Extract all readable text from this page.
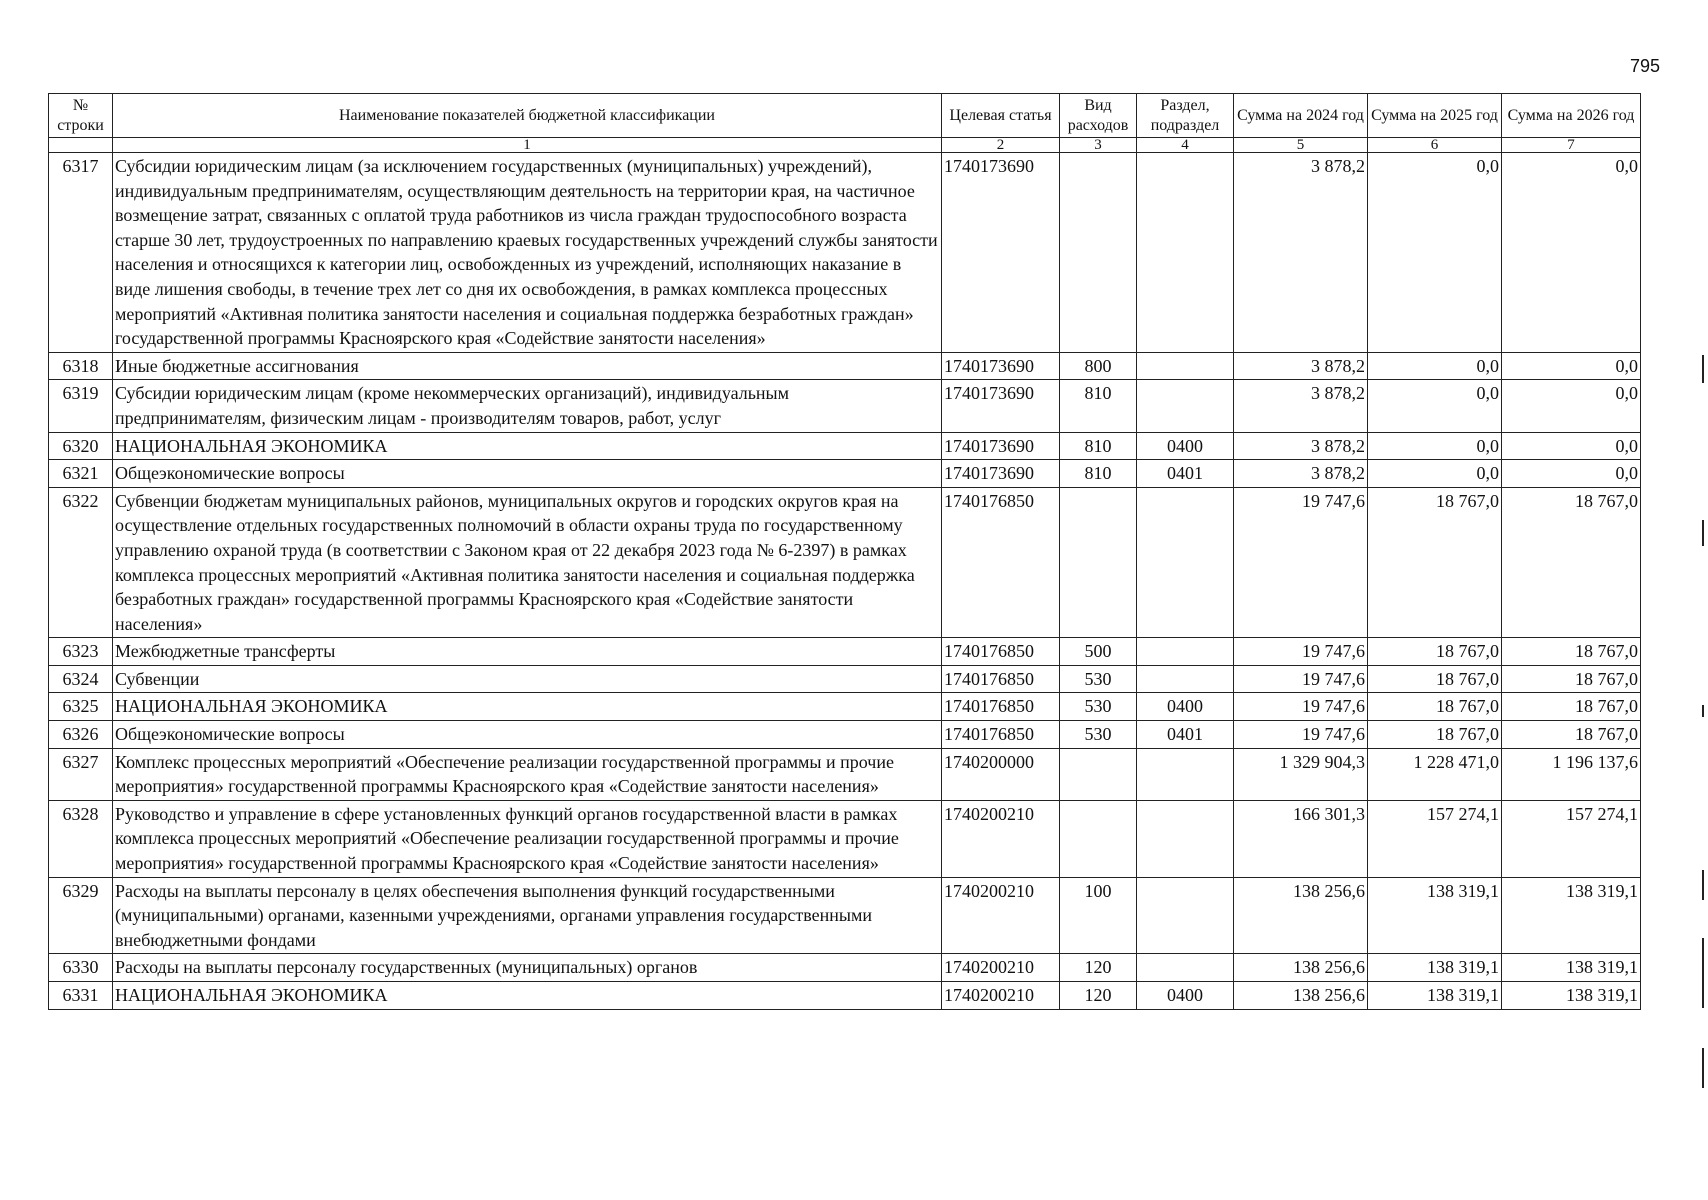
795
№ строки	Наименование показателей бюджетной классификации	Целевая статья	Вид расходов	Раздел, подраздел	Сумма на 2024 год	Сумма на 2025 год	Сумма на 2026 год
	1	2	3	4	5	6	7
6317	Субсидии юридическим лицам (за исключением государственных (муниципальных) учреждений), индивидуальным предпринимателям, осуществляющим деятельность на территории края, на частичное возмещение затрат, связанных с оплатой труда работников из числа граждан трудоспособного возраста старше 30 лет, трудоустроенных по направлению краевых государственных учреждений службы занятости населения и относящихся к категории лиц, освобожденных из учреждений, исполняющих наказание в виде лишения свободы, в течение трех лет со дня их освобождения, в рамках комплекса процессных мероприятий «Активная политика занятости населения и социальная поддержка безработных граждан» государственной программы Красноярского края «Содействие занятости населения»	1740173690			3 878,2	0,0	0,0
6318	Иные бюджетные ассигнования	1740173690	800		3 878,2	0,0	0,0
6319	Субсидии юридическим лицам (кроме некоммерческих организаций), индивидуальным предпринимателям, физическим лицам - производителям товаров, работ, услуг	1740173690	810		3 878,2	0,0	0,0
6320	НАЦИОНАЛЬНАЯ ЭКОНОМИКА	1740173690	810	0400	3 878,2	0,0	0,0
6321	Общеэкономические вопросы	1740173690	810	0401	3 878,2	0,0	0,0
6322	Субвенции бюджетам муниципальных районов, муниципальных округов и городских округов края на осуществление отдельных государственных полномочий в области охраны труда по государственному управлению охраной труда (в соответствии с Законом края от 22 декабря 2023 года № 6-2397) в рамках комплекса процессных мероприятий «Активная политика занятости населения и социальная поддержка безработных граждан» государственной программы Красноярского края «Содействие занятости населения»	1740176850			19 747,6	18 767,0	18 767,0
6323	Межбюджетные трансферты	1740176850	500		19 747,6	18 767,0	18 767,0
6324	Субвенции	1740176850	530		19 747,6	18 767,0	18 767,0
6325	НАЦИОНАЛЬНАЯ ЭКОНОМИКА	1740176850	530	0400	19 747,6	18 767,0	18 767,0
6326	Общеэкономические вопросы	1740176850	530	0401	19 747,6	18 767,0	18 767,0
6327	Комплекс процессных мероприятий «Обеспечение реализации государственной программы и прочие мероприятия» государственной программы Красноярского края «Содействие занятости населения»	1740200000			1 329 904,3	1 228 471,0	1 196 137,6
6328	Руководство и управление в сфере установленных функций органов государственной власти в рамках комплекса процессных мероприятий «Обеспечение реализации государственной программы и прочие мероприятия» государственной программы Красноярского края «Содействие занятости населения»	1740200210			166 301,3	157 274,1	157 274,1
6329	Расходы на выплаты персоналу в целях обеспечения выполнения функций государственными (муниципальными) органами, казенными учреждениями, органами управления государственными внебюджетными фондами	1740200210	100		138 256,6	138 319,1	138 319,1
6330	Расходы на выплаты персоналу государственных (муниципальных) органов	1740200210	120		138 256,6	138 319,1	138 319,1
6331	НАЦИОНАЛЬНАЯ ЭКОНОМИКА	1740200210	120	0400	138 256,6	138 319,1	138 319,1
